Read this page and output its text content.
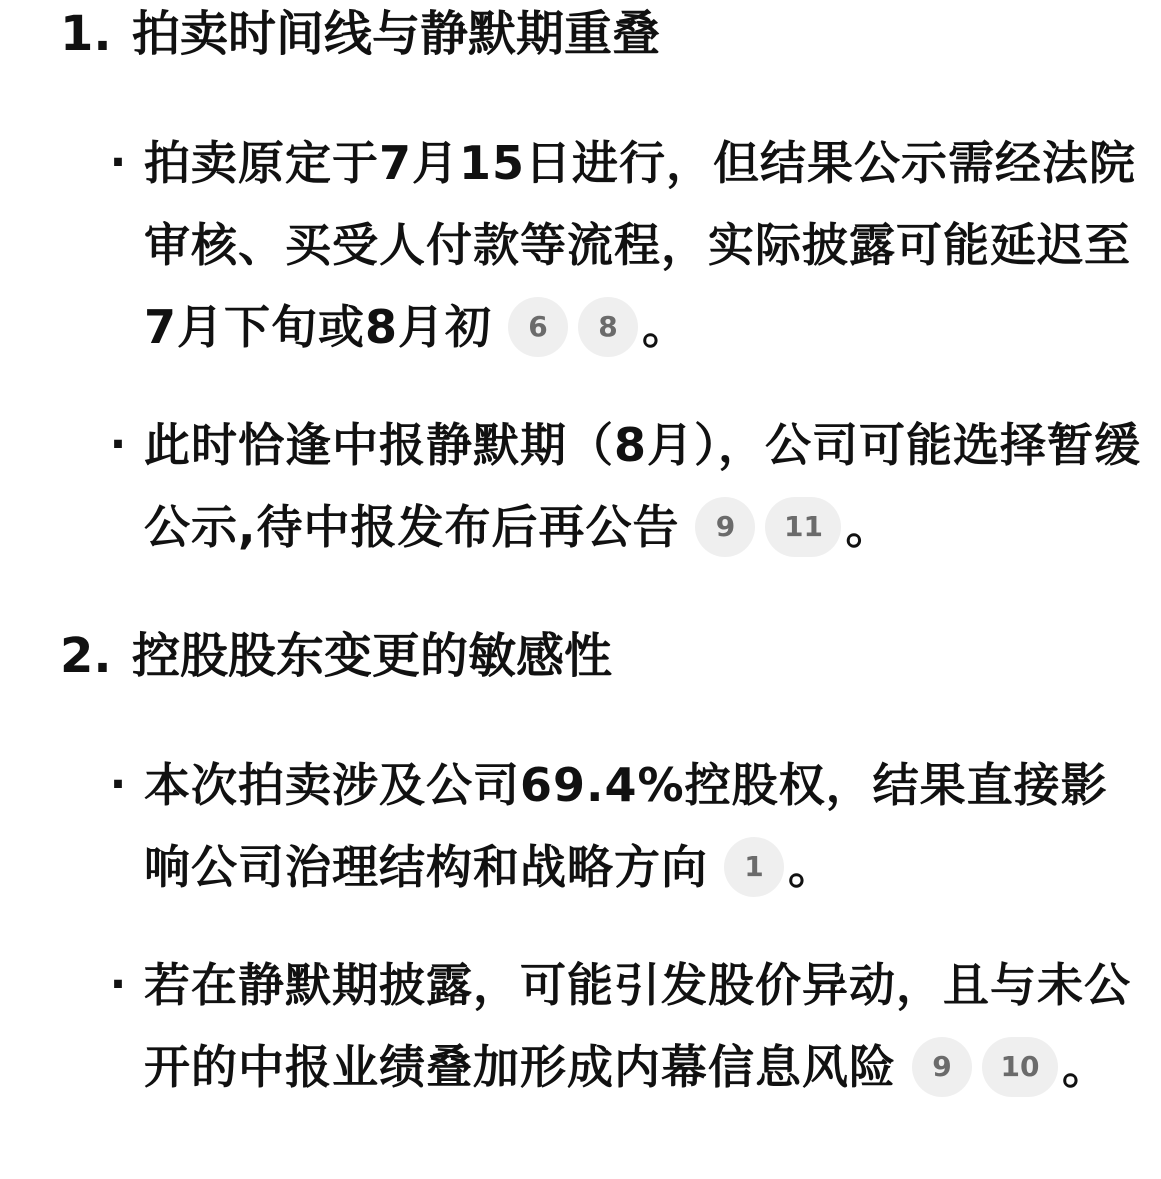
1. 拍卖时间线与静默期重叠
· 拍卖原定于7月15日进行，但结果公示需经法院审核、买受人付款等流程，实际披露可能延迟至7月下旬或8月初 6 8 。
· 此时恰逢中报静默期（8月），公司可能选择暂缓公示,待中报发布后再公告 9 11 。
2. 控股股东变更的敏感性
· 本次拍卖涉及公司69.4%控股权，结果直接影响公司治理结构和战略方向 1 。
· 若在静默期披露，可能引发股价异动，且与未公开的中报业绩叠加形成内幕信息风险 9 10 。
